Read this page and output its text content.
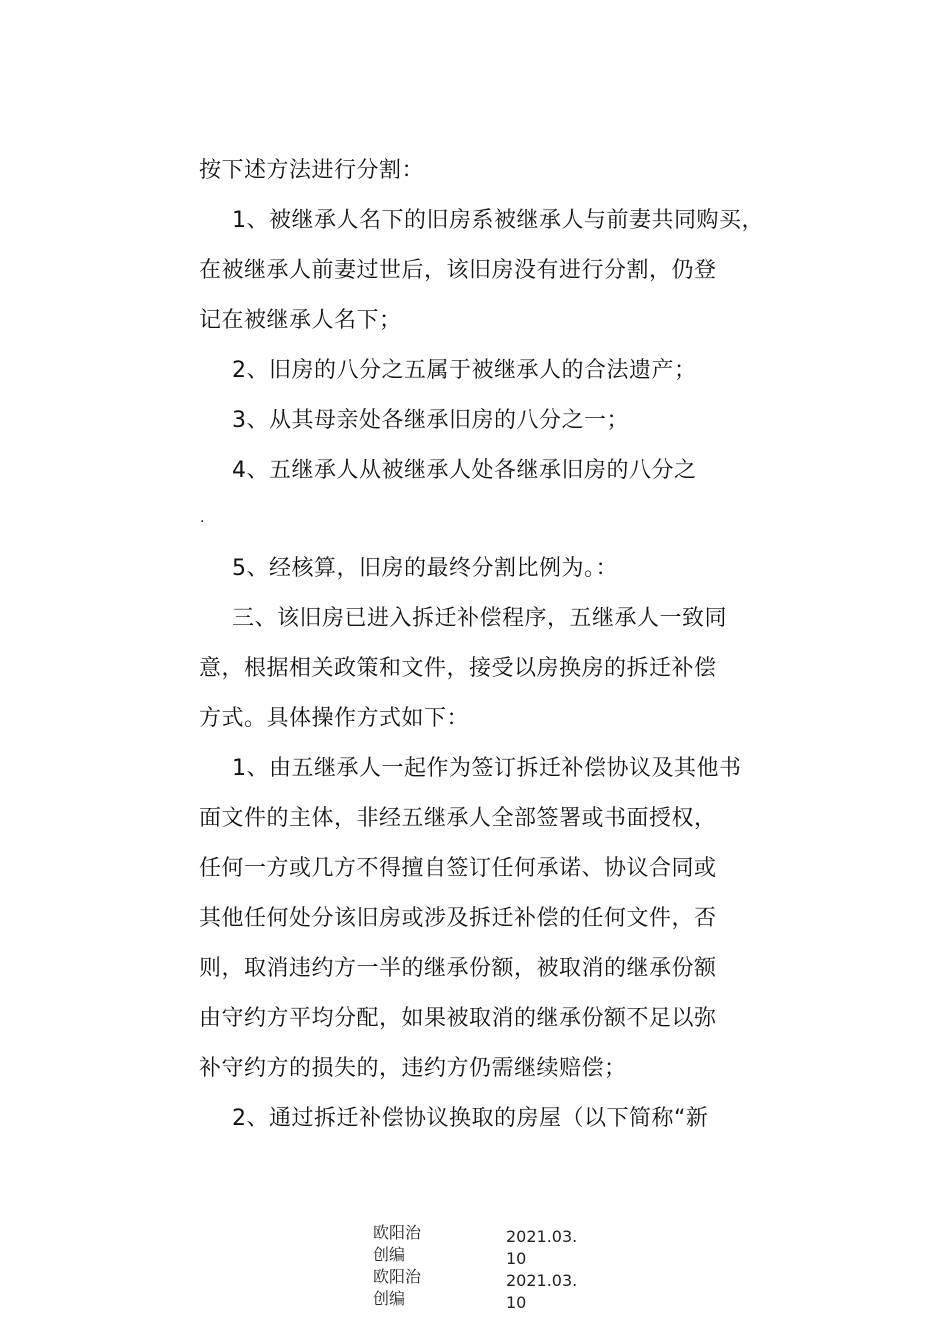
按下述方法进行分割：
1、被继承人名下的旧房系被继承人与前妻共同购买，
在被继承人前妻过世后，该旧房没有进行分割，仍登
记在被继承人名下；
2、旧房的八分之五属于被继承人的合法遗产；
3、从其母亲处各继承旧房的八分之一；
4、五继承人从被继承人处各继承旧房的八分之
.
5、经核算，旧房的最终分割比例为。：
三、该旧房已进入拆迁补偿程序，五继承人一致同
意，根据相关政策和文件，接受以房换房的拆迁补偿
方式。具体操作方式如下：
1、由五继承人一起作为签订拆迁补偿协议及其他书
面文件的主体，非经五继承人全部签署或书面授权，
任何一方或几方不得擅自签订任何承诺、协议合同或
其他任何处分该旧房或涉及拆迁补偿的任何文件，否
则，取消违约方一半的继承份额，被取消的继承份额
由守约方平均分配，如果被取消的继承份额不足以弥
补守约方的损失的，违约方仍需继续赔偿；
2、通过拆迁补偿协议换取的房屋（以下简称“新
欧阳治创编
欧阳治创编
2021.03.10
2021.03.10
